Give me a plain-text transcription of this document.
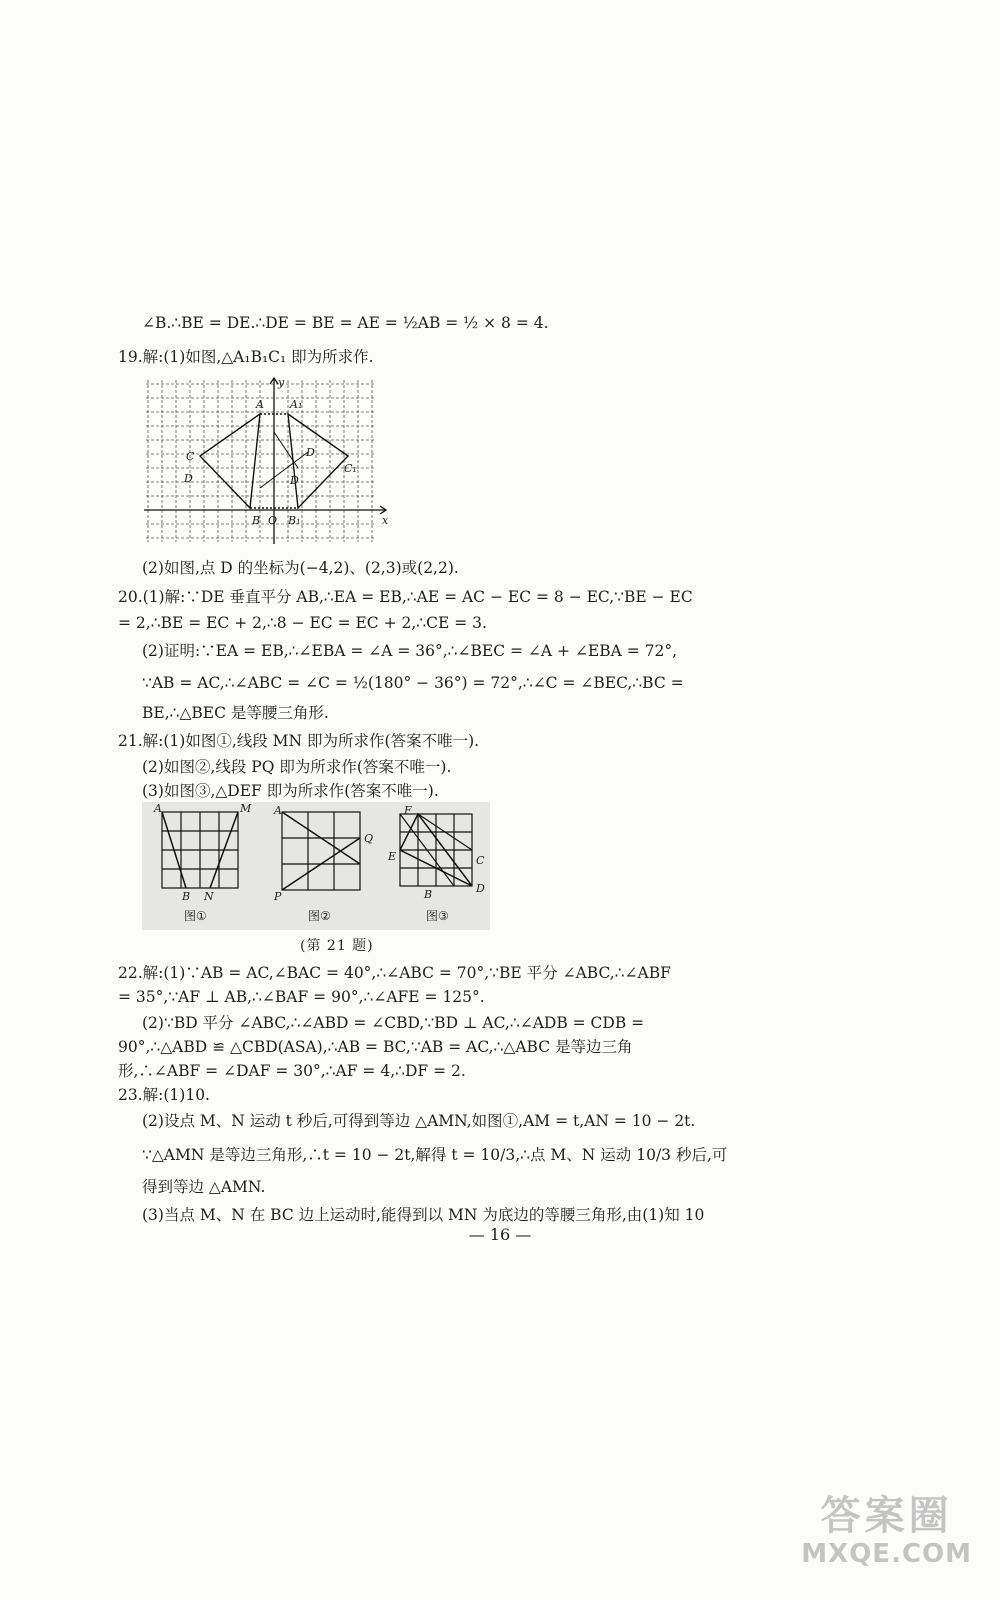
∠B.∴BE = DE.∴DE = BE = AE = ½AB = ½ × 8 = 4.
19.解:(1)如图,△A₁B₁C₁ 即为所求作.
y
A A₁
C
D
D
C₁
D
B O B₁	x
(2)如图,点 D 的坐标为(−4,2)、(2,3)或(2,2).
20.(1)解:∵DE 垂直平分 AB,∴EA = EB,∴AE = AC − EC = 8 − EC,∵BE − EC
= 2,∴BE = EC + 2,∴8 − EC = EC + 2,∴CE = 3.
(2)证明:∵EA = EB,∴∠EBA = ∠A = 36°,∴∠BEC = ∠A + ∠EBA = 72°,
∵AB = AC,∴∠ABC = ∠C = ½(180° − 36°) = 72°,∴∠C = ∠BEC,∴BC =
BE,∴△BEC 是等腰三角形.
21.解:(1)如图①,线段 MN 即为所求作(答案不唯一).
(2)如图②,线段 PQ 即为所求作(答案不唯一).
(3)如图③,△DEF 即为所求作(答案不唯一).
A	M
B N
图①
A
Q
P
图②
F
E	C
B	D
图③
(第 21 题)
22.解:(1)∵AB = AC,∠BAC = 40°,∴∠ABC = 70°,∵BE 平分 ∠ABC,∴∠ABF
= 35°,∵AF ⊥ AB,∴∠BAF = 90°,∴∠AFE = 125°.
(2)∵BD 平分 ∠ABC,∴∠ABD = ∠CBD,∵BD ⊥ AC,∴∠ADB = CDB =
90°,∴△ABD ≌ △CBD(ASA),∴AB = BC,∵AB = AC,∴△ABC 是等边三角
形,∴∠ABF = ∠DAF = 30°,∴AF = 4,∴DF = 2.
23.解:(1)10.
(2)设点 M、N 运动 t 秒后,可得到等边 △AMN,如图①,AM = t,AN = 10 − 2t.
∵△AMN 是等边三角形,∴t = 10 − 2t,解得 t = 10/3,∴点 M、N 运动 10/3 秒后,可
得到等边 △AMN.
(3)当点 M、N 在 BC 边上运动时,能得到以 MN 为底边的等腰三角形,由(1)知 10
— 16 —
答案圈
MXQE.COM
